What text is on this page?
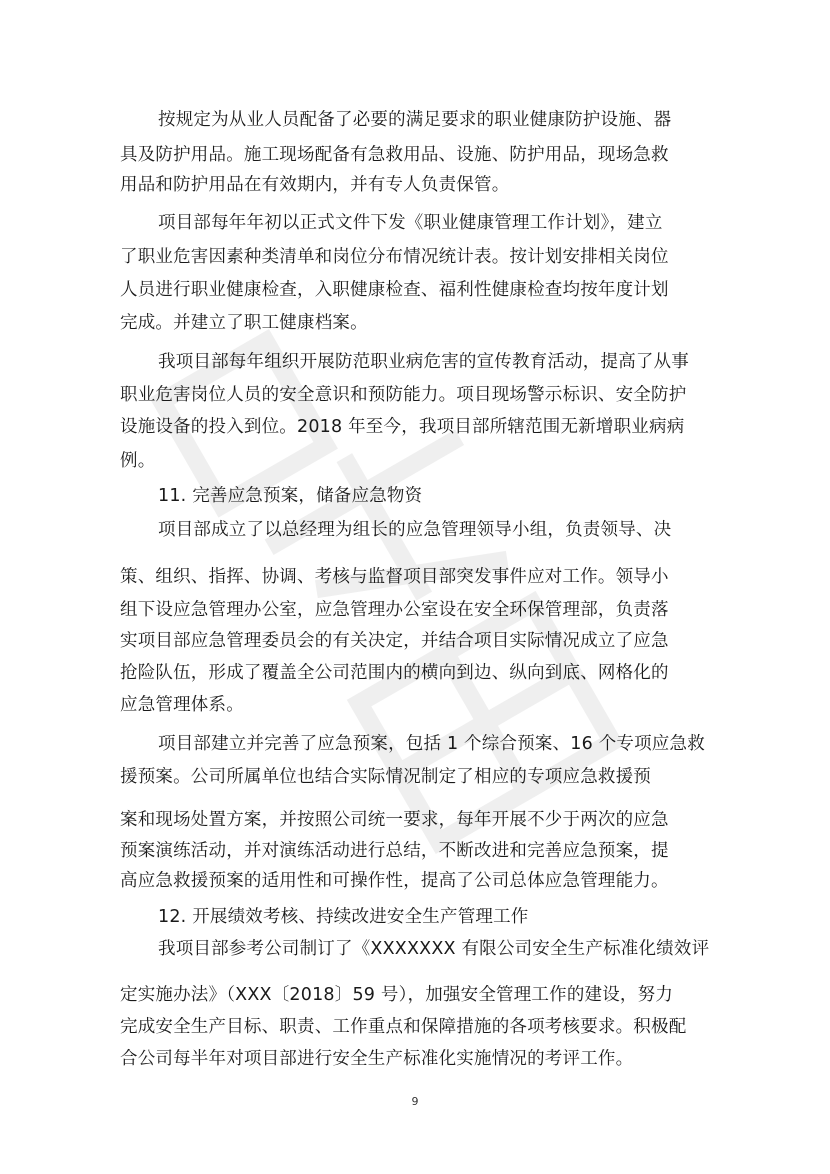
按规定为从业人员配备了必要的满足要求的职业健康防护设施、器
具及防护用品。施工现场配备有急救用品、设施、防护用品，现场急救
用品和防护用品在有效期内，并有专人负责保管。
项目部每年年初以正式文件下发《职业健康管理工作计划》，建立
了职业危害因素种类清单和岗位分布情况统计表。按计划安排相关岗位
人员进行职业健康检查，入职健康检查、福利性健康检查均按年度计划
完成。并建立了职工健康档案。
我项目部每年组织开展防范职业病危害的宣传教育活动，提高了从事
职业危害岗位人员的安全意识和预防能力。项目现场警示标识、安全防护
设施设备的投入到位。2018 年至今，我项目部所辖范围无新增职业病病
例。
11. 完善应急预案，储备应急物资
项目部成立了以总经理为组长的应急管理领导小组，负责领导、决
策、组织、指挥、协调、考核与监督项目部突发事件应对工作。领导小
组下设应急管理办公室，应急管理办公室设在安全环保管理部，负责落
实项目部应急管理委员会的有关决定，并结合项目实际情况成立了应急
抢险队伍，形成了覆盖全公司范围内的横向到边、纵向到底、网格化的
应急管理体系。
项目部建立并完善了应急预案，包括 1 个综合预案、16 个专项应急救
援预案。公司所属单位也结合实际情况制定了相应的专项应急救援预
案和现场处置方案，并按照公司统一要求，每年开展不少于两次的应急
预案演练活动，并对演练活动进行总结，不断改进和完善应急预案，提
高应急救援预案的适用性和可操作性，提高了公司总体应急管理能力。
12. 开展绩效考核、持续改进安全生产管理工作
我项目部参考公司制订了《XXXXXXX 有限公司安全生产标准化绩效评
定实施办法》（XXX〔2018〕59 号），加强安全管理工作的建设，努力
完成安全生产目标、职责、工作重点和保障措施的各项考核要求。积极配
合公司每半年对项目部进行安全生产标准化实施情况的考评工作。
9
